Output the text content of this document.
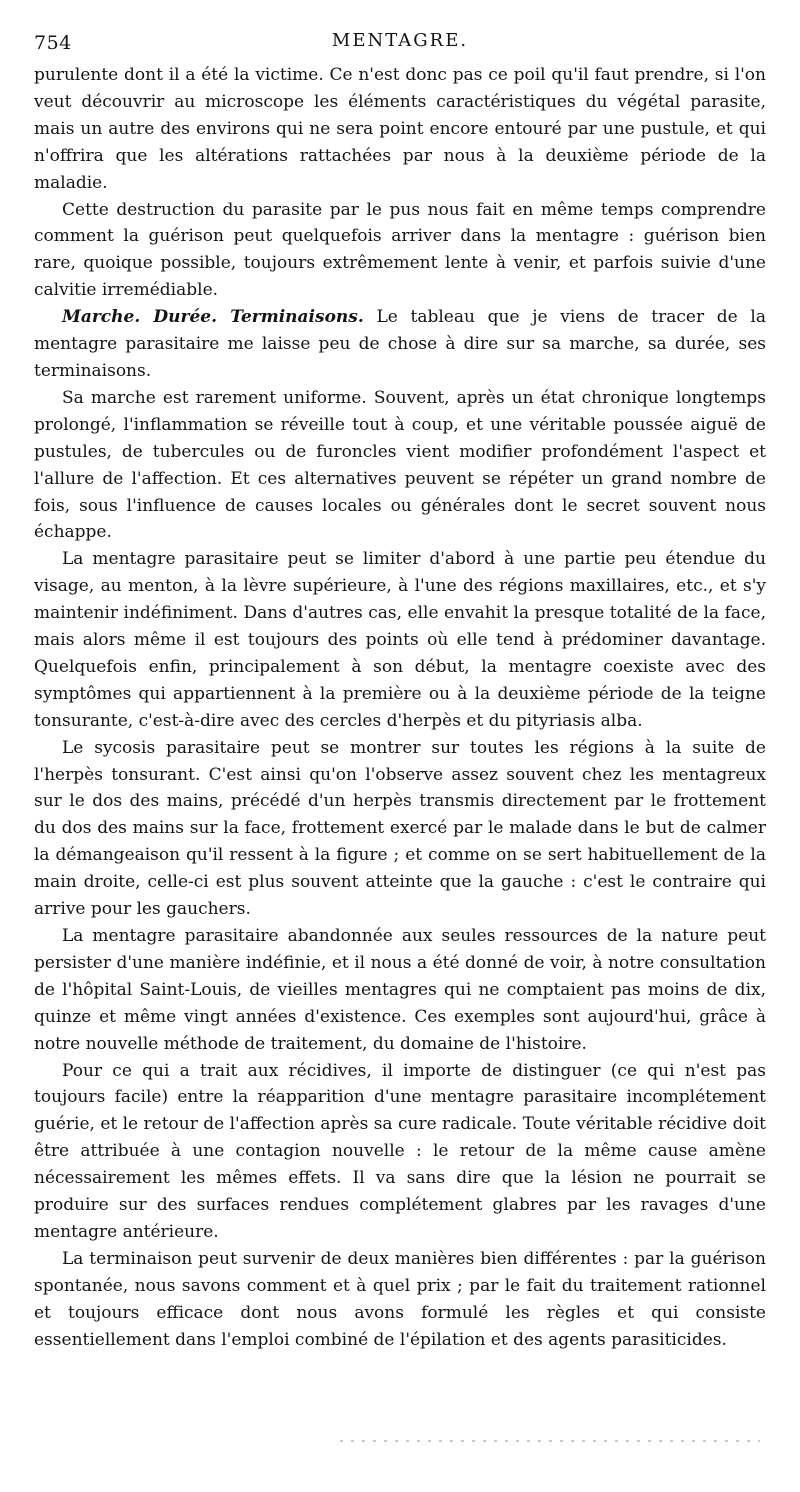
754	MENTAGRE.

purulente dont il a été la victime. Ce n'est donc pas ce poil qu'il faut prendre, si l'on veut découvrir au microscope les éléments caractéristiques du végétal parasite, mais un autre des environs qui ne sera point encore entouré par une pustule, et qui n'offrira que les altérations rattachées par nous à la deuxième période de la maladie.

Cette destruction du parasite par le pus nous fait en même temps comprendre comment la guérison peut quelquefois arriver dans la mentagre : guérison bien rare, quoique possible, toujours extrêmement lente à venir, et parfois suivie d'une calvitie irremédiable.

Marche. Durée. Terminaisons. Le tableau que je viens de tracer de la mentagre parasitaire me laisse peu de chose à dire sur sa marche, sa durée, ses terminaisons.

Sa marche est rarement uniforme. Souvent, après un état chronique longtemps prolongé, l'inflammation se réveille tout à coup, et une véritable poussée aiguë de pustules, de tubercules ou de furoncles vient modifier profondément l'aspect et l'allure de l'affection. Et ces alternatives peuvent se répéter un grand nombre de fois, sous l'influence de causes locales ou générales dont le secret souvent nous échappe.

La mentagre parasitaire peut se limiter d'abord à une partie peu étendue du visage, au menton, à la lèvre supérieure, à l'une des régions maxillaires, etc., et s'y maintenir indéfiniment. Dans d'autres cas, elle envahit la presque totalité de la face, mais alors même il est toujours des points où elle tend à prédominer davantage. Quelquefois enfin, principalement à son début, la mentagre coexiste avec des symptômes qui appartiennent à la première ou à la deuxième période de la teigne tonsurante, c'est-à-dire avec des cercles d'herpès et du pityriasis alba.

Le sycosis parasitaire peut se montrer sur toutes les régions à la suite de l'herpès tonsurant. C'est ainsi qu'on l'observe assez souvent chez les mentagreux sur le dos des mains, précédé d'un herpès transmis directement par le frottement du dos des mains sur la face, frottement exercé par le malade dans le but de calmer la démangeaison qu'il ressent à la figure ; et comme on se sert habituellement de la main droite, celle-ci est plus souvent atteinte que la gauche : c'est le contraire qui arrive pour les gauchers.

La mentagre parasitaire abandonnée aux seules ressources de la nature peut persister d'une manière indéfinie, et il nous a été donné de voir, à notre consultation de l'hôpital Saint-Louis, de vieilles mentagres qui ne comptaient pas moins de dix, quinze et même vingt années d'existence. Ces exemples sont aujourd'hui, grâce à notre nouvelle méthode de traitement, du domaine de l'histoire.

Pour ce qui a trait aux récidives, il importe de distinguer (ce qui n'est pas toujours facile) entre la réapparition d'une mentagre parasitaire incomplétement guérie, et le retour de l'affection après sa cure radicale. Toute véritable récidive doit être attribuée à une contagion nouvelle : le retour de la même cause amène nécessairement les mêmes effets. Il va sans dire que la lésion ne pourrait se produire sur des surfaces rendues complétement glabres par les ravages d'une mentagre antérieure.

La terminaison peut survenir de deux manières bien différentes : par la guérison spontanée, nous savons comment et à quel prix ; par le fait du traitement rationnel et toujours efficace dont nous avons formulé les règles et qui consiste essentiellement dans l'emploi combiné de l'épilation et des agents parasiticides.
